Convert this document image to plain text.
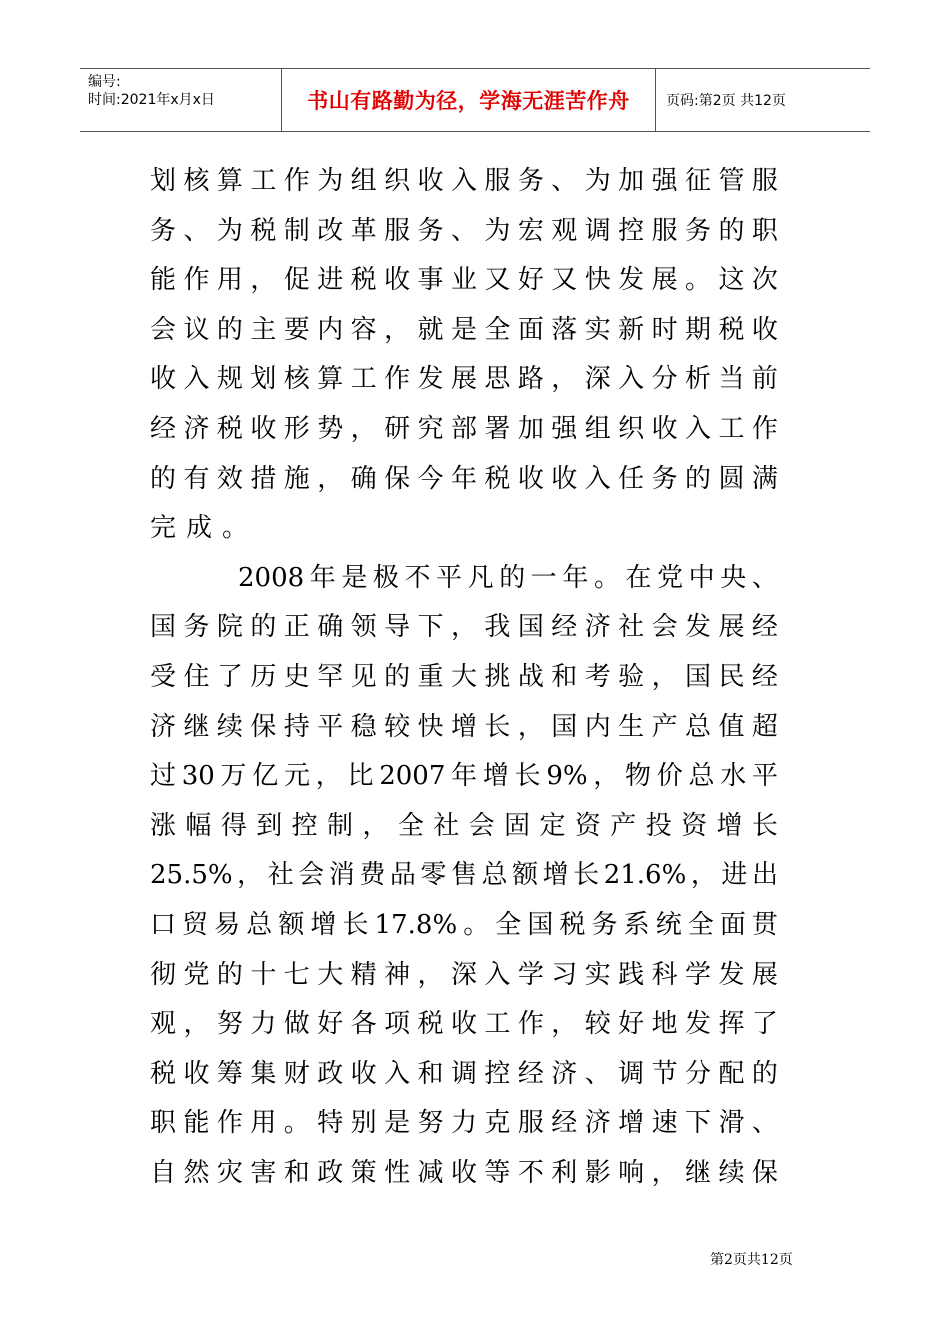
编号:
时间:2021年x月x日	书山有路勤为径，学海无涯苦作舟	页码:第2页 共12页
划 核 算 工 作 为 组 织 收 入 服 务 、 为 加 强 征 管 服
务 、 为 税 制 改 革 服 务 、 为 宏 观 调 控 服 务 的 职
能 作 用 ， 促 进 税 收 事 业 又 好 又 快 发 展 。 这 次
会 议 的 主 要 内 容 ， 就 是 全 面 落 实 新 时 期 税 收
收 入 规 划 核 算 工 作 发 展 思 路 ， 深 入 分 析 当 前
经 济 税 收 形 势 ， 研 究 部 署 加 强 组 织 收 入 工 作
的 有 效 措 施 ， 确 保 今 年 税 收 收 入 任 务 的 圆 满
完成。
2008 年 是 极 不 平 凡 的 一 年 。 在 党 中 央 、
国 务 院 的 正 确 领 导 下 ， 我 国 经 济 社 会 发 展 经
受 住 了 历 史 罕 见 的 重 大 挑 战 和 考 验 ， 国 民 经
济 继 续 保 持 平 稳 较 快 增 长 ， 国 内 生 产 总 值 超
过 30 万 亿 元 ， 比 2007 年 增 长 9% ， 物 价 总 水 平
涨 幅 得 到 控 制 ， 全 社 会 固 定 资 产 投 资 增 长
25.5% ， 社 会 消 费 品 零 售 总 额 增 长 21.6% ， 进 出
口 贸 易 总 额 增 长 17.8% 。 全 国 税 务 系 统 全 面 贯
彻 党 的 十 七 大 精 神 ， 深 入 学 习 实 践 科 学 发 展
观 ， 努 力 做 好 各 项 税 收 工 作 ， 较 好 地 发 挥 了
税 收 筹 集 财 政 收 入 和 调 控 经 济 、 调 节 分 配 的
职 能 作 用 。 特 别 是 努 力 克 服 经 济 增 速 下 滑 、
自 然 灾 害 和 政 策 性 减 收 等 不 利 影 响 ， 继 续 保
第2页共12页
